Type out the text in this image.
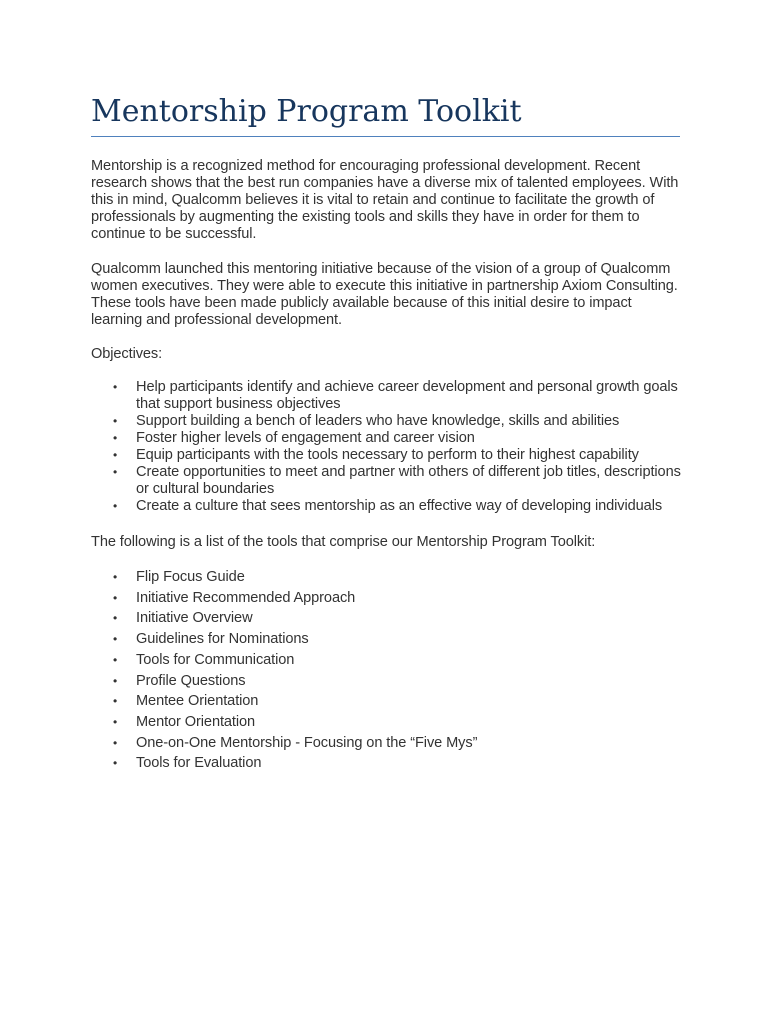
Mentorship Program Toolkit

Mentorship is a recognized method for encouraging professional development. Recent research shows that the best run companies have a diverse mix of talented employees. With this in mind, Qualcomm believes it is vital to retain and continue to facilitate the growth of professionals by augmenting the existing tools and skills they have in order for them to continue to be successful.

Qualcomm launched this mentoring initiative because of the vision of a group of Qualcomm women executives. They were able to execute this initiative in partnership Axiom Consulting. These tools have been made publicly available because of this initial desire to impact learning and professional development.

Objectives:

• Help participants identify and achieve career development and personal growth goals that support business objectives
• Support building a bench of leaders who have knowledge, skills and abilities
• Foster higher levels of engagement and career vision
• Equip participants with the tools necessary to perform to their highest capability
• Create opportunities to meet and partner with others of different job titles, descriptions or cultural boundaries
• Create a culture that sees mentorship as an effective way of developing individuals

The following is a list of the tools that comprise our Mentorship Program Toolkit:

• Flip Focus Guide
• Initiative Recommended Approach
• Initiative Overview
• Guidelines for Nominations
• Tools for Communication
• Profile Questions
• Mentee Orientation
• Mentor Orientation
• One-on-One Mentorship - Focusing on the “Five Mys”
• Tools for Evaluation
